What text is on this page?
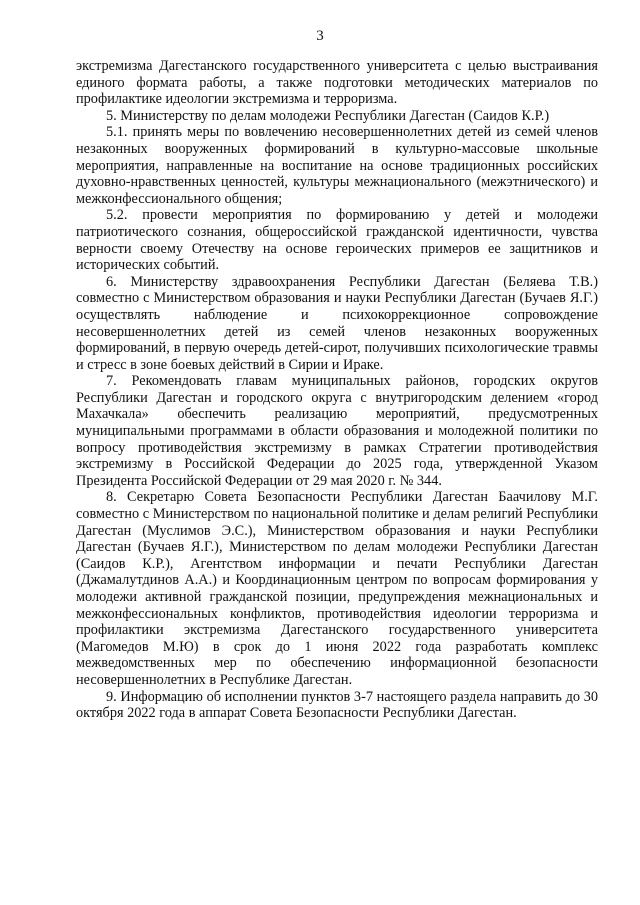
3

экстремизма Дагестанского государственного университета с целью выстраивания единого формата работы, а также подготовки методических материалов по профилактике идеологии экстремизма и терроризма.

5. Министерству по делам молодежи Республики Дагестан (Саидов К.Р.)

5.1. принять меры по вовлечению несовершеннолетних детей из семей членов незаконных вооруженных формирований в культурно-массовые школьные мероприятия, направленные на воспитание на основе традиционных российских духовно-нравственных ценностей, культуры межнационального (межэтнического) и межконфессионального общения;

5.2. провести мероприятия по формированию у детей и молодежи патриотического сознания, общероссийской гражданской идентичности, чувства верности своему Отечеству на основе героических примеров ее защитников и исторических событий.

6. Министерству здравоохранения Республики Дагестан (Беляева Т.В.) совместно с Министерством образования и науки Республики Дагестан (Бучаев Я.Г.) осуществлять наблюдение и психокоррекционное сопровождение несовершеннолетних детей из семей членов незаконных вооруженных формирований, в первую очередь детей-сирот, получивших психологические травмы и стресс в зоне боевых действий в Сирии и Ираке.

7. Рекомендовать главам муниципальных районов, городских округов Республики Дагестан и городского округа с внутригородским делением «город Махачкала» обеспечить реализацию мероприятий, предусмотренных муниципальными программами в области образования и молодежной политики по вопросу противодействия экстремизму в рамках Стратегии противодействия экстремизму в Российской Федерации до 2025 года, утвержденной Указом Президента Российской Федерации от 29 мая 2020 г. № 344.

8. Секретарю Совета Безопасности Республики Дагестан Баачилову М.Г. совместно с Министерством по национальной политике и делам религий Республики Дагестан (Муслимов Э.С.), Министерством образования и науки Республики Дагестан (Бучаев Я.Г.), Министерством по делам молодежи Республики Дагестан (Саидов К.Р.), Агентством информации и печати Республики Дагестан (Джамалутдинов А.А.) и Координационным центром по вопросам формирования у молодежи активной гражданской позиции, предупреждения межнациональных и межконфессиональных конфликтов, противодействия идеологии терроризма и профилактики экстремизма Дагестанского государственного университета (Магомедов М.Ю) в срок до 1 июня 2022 года разработать комплекс межведомственных мер по обеспечению информационной безопасности несовершеннолетних в Республике Дагестан.

9. Информацию об исполнении пунктов 3-7 настоящего раздела направить до 30 октября 2022 года в аппарат Совета Безопасности Республики Дагестан.
